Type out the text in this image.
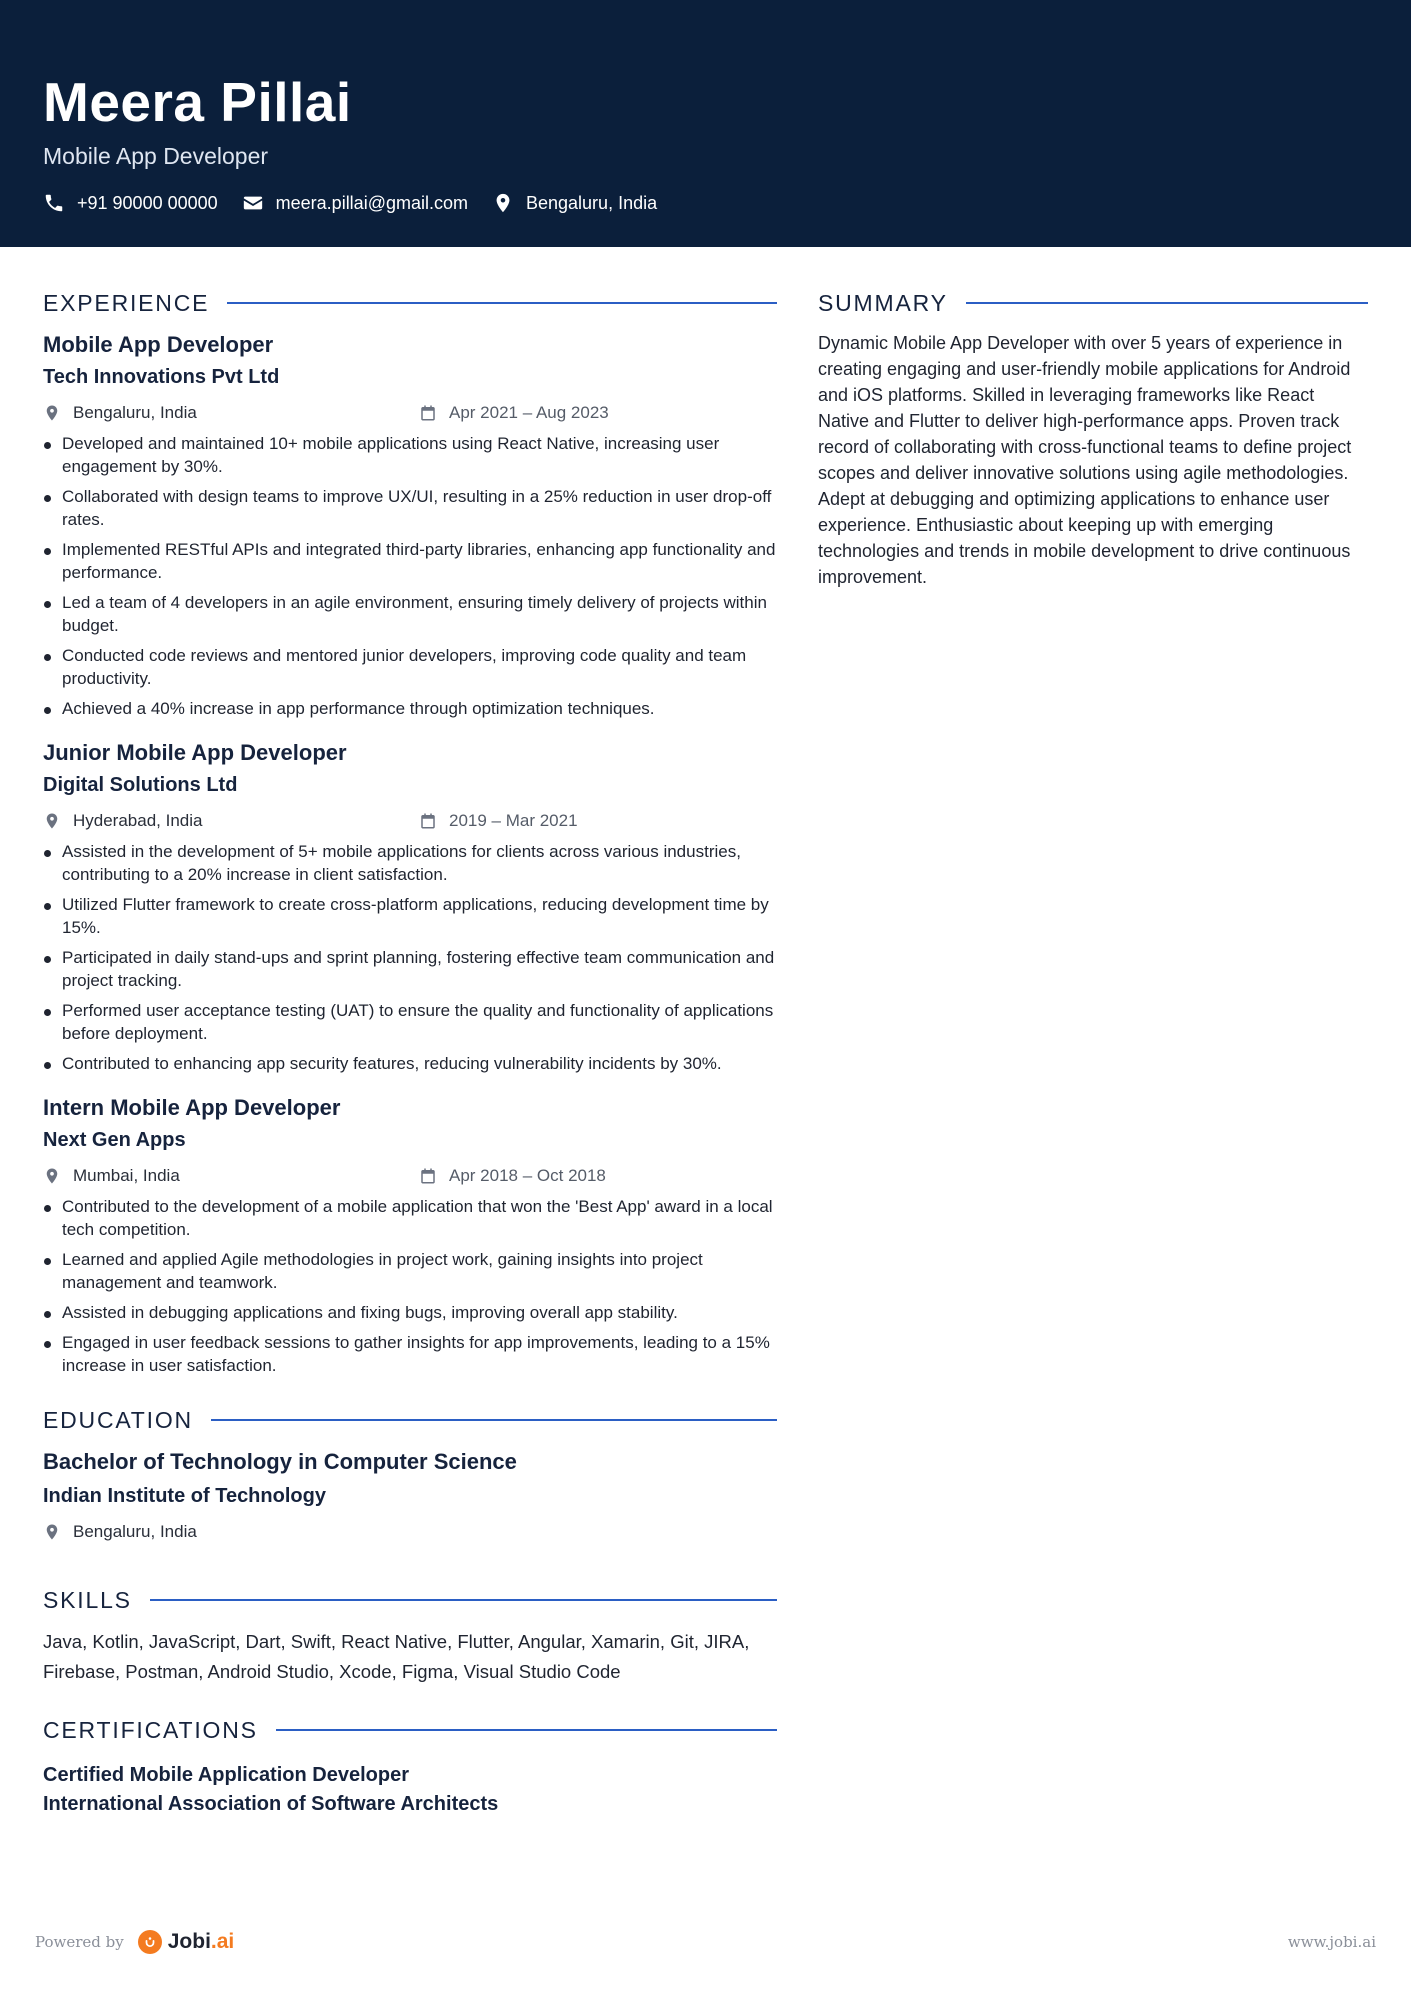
Meera Pillai
Mobile App Developer
+91 90000 00000	meera.pillai@gmail.com	Bengaluru, India
EXPERIENCE
Mobile App Developer
Tech Innovations Pvt Ltd
Bengaluru, India	Apr 2021 – Aug 2023
Developed and maintained 10+ mobile applications using React Native, increasing user engagement by 30%.
Collaborated with design teams to improve UX/UI, resulting in a 25% reduction in user drop-off rates.
Implemented RESTful APIs and integrated third-party libraries, enhancing app functionality and performance.
Led a team of 4 developers in an agile environment, ensuring timely delivery of projects within budget.
Conducted code reviews and mentored junior developers, improving code quality and team productivity.
Achieved a 40% increase in app performance through optimization techniques.
Junior Mobile App Developer
Digital Solutions Ltd
Hyderabad, India	2019 – Mar 2021
Assisted in the development of 5+ mobile applications for clients across various industries, contributing to a 20% increase in client satisfaction.
Utilized Flutter framework to create cross-platform applications, reducing development time by 15%.
Participated in daily stand-ups and sprint planning, fostering effective team communication and project tracking.
Performed user acceptance testing (UAT) to ensure the quality and functionality of applications before deployment.
Contributed to enhancing app security features, reducing vulnerability incidents by 30%.
Intern Mobile App Developer
Next Gen Apps
Mumbai, India	Apr 2018 – Oct 2018
Contributed to the development of a mobile application that won the 'Best App' award in a local tech competition.
Learned and applied Agile methodologies in project work, gaining insights into project management and teamwork.
Assisted in debugging applications and fixing bugs, improving overall app stability.
Engaged in user feedback sessions to gather insights for app improvements, leading to a 15% increase in user satisfaction.
EDUCATION
Bachelor of Technology in Computer Science
Indian Institute of Technology
Bengaluru, India
SKILLS
Java, Kotlin, JavaScript, Dart, Swift, React Native, Flutter, Angular, Xamarin, Git, JIRA, Firebase, Postman, Android Studio, Xcode, Figma, Visual Studio Code
CERTIFICATIONS
Certified Mobile Application Developer
International Association of Software Architects
SUMMARY
Dynamic Mobile App Developer with over 5 years of experience in creating engaging and user-friendly mobile applications for Android and iOS platforms. Skilled in leveraging frameworks like React Native and Flutter to deliver high-performance apps. Proven track record of collaborating with cross-functional teams to define project scopes and deliver innovative solutions using agile methodologies. Adept at debugging and optimizing applications to enhance user experience. Enthusiastic about keeping up with emerging technologies and trends in mobile development to drive continuous improvement.
Powered by Jobi .ai	www.jobi.ai
